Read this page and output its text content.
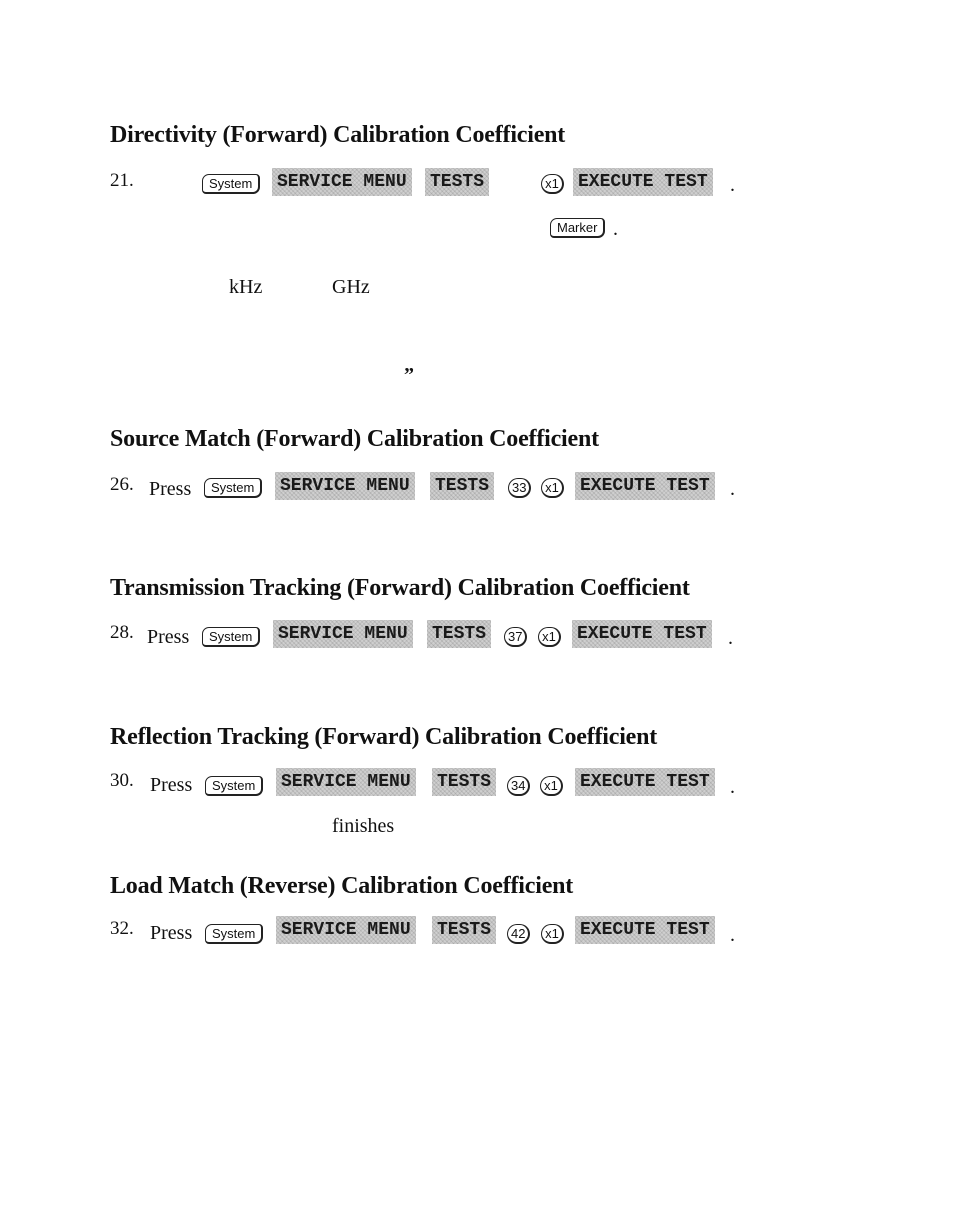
Directivity (Forward) Calibration Coefficient
21.	System	SERVICE MENU TESTS	x1 EXECUTE TEST .
Marker .
kHz	GHz
”
Source Match (Forward) Calibration Coefficient
26. Press	System	SERVICE MENU TESTS	33	x1 EXECUTE TEST .
Transmission Tracking (Forward) Calibration Coefficient
28. Press	System	SERVICE MENU TESTS	37	x1 EXECUTE TEST .
Reflection Tracking (Forward) Calibration Coefficient
30. Press	System	SERVICE MENU TESTS	34	x1 EXECUTE TEST .
finishes
Load Match (Reverse) Calibration Coefficient
32. Press	System	SERVICE MENU TESTS	42	x1 EXECUTE TEST .
